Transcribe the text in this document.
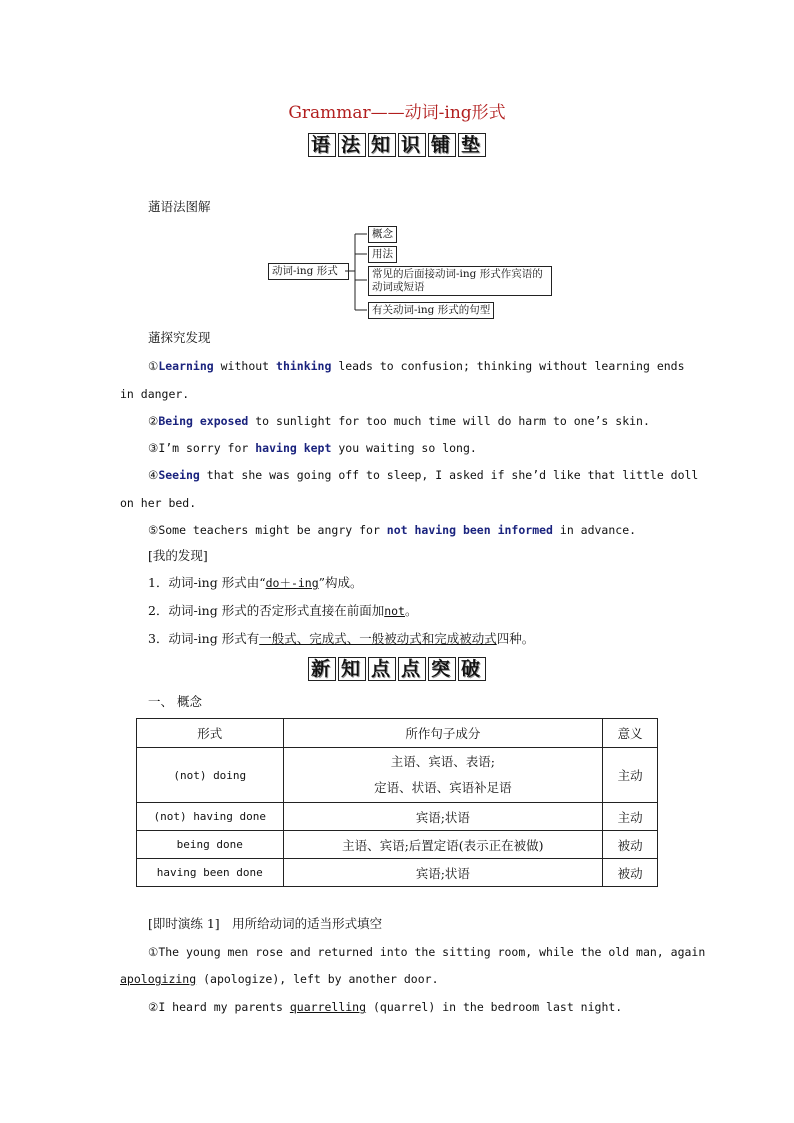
Grammar——动词-ing形式
语 法 知 识 铺 垫
蓪语法图解
动词-ing 形式
概念
用法
常见的后面接动词-ing 形式作宾语的动词或短语
有关动词-ing 形式的句型
蓪探究发现
①Learning without thinking leads to confusion; thinking without learning ends
in danger.
②Being exposed to sunlight for too much time will do harm to one’s skin.
③I’m sorry for having kept you waiting so long.
④Seeing that she was going off to sleep, I asked if she’d like that little doll
on her bed.
⑤Some teachers might be angry for not having been informed in advance.
[我的发现]
1．动词-ing 形式由“do＋-ing”构成。
2．动词-ing 形式的否定形式直接在前面加not。
3．动词-ing 形式有一般式、完成式、一般被动式和完成被动式四种。
新 知 点 点 突 破
一、 概念
形式	所作句子成分	意义
(not) doing	主语、宾语、表语;
定语、状语、宾语补足语	主动
(not) having done	宾语;状语	主动
being done	主语、宾语;后置定语(表示正在被做)	被动
having been done	宾语;状语	被动
[即时演练 1]　用所给动词的适当形式填空
①The young men rose and returned into the sitting room, while the old man, again
apologizing (apologize), left by another door.
②I heard my parents quarrelling (quarrel) in the bedroom last night.
